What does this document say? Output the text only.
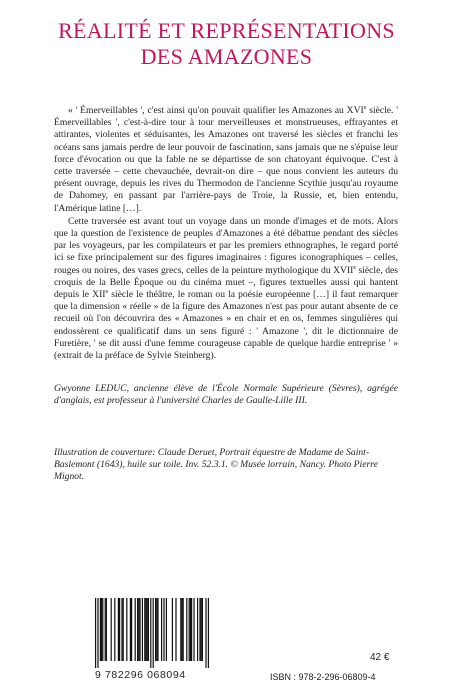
RÉALITÉ ET REPRÉSENTATIONS
DES AMAZONES

« ' Émerveillables ', c'est ainsi qu'on pouvait qualifier les Amazones au XVIe siècle. ' Émerveillables ', c'est-à-dire tour à tour merveilleuses et monstrueuses, effrayantes et attirantes, violentes et séduisantes, les Amazones ont traversé les siècles et franchi les océans sans jamais perdre de leur pouvoir de fascination, sans jamais que ne s'épuise leur force d'évocation ou que la fable ne se départisse de son chatoyant équivoque. C'est à cette traversée – cette chevauchée, devrait-on dire – que nous convient les auteurs du présent ouvrage, depuis les rives du Thermodon de l'ancienne Scythie jusqu'au royaume de Dahomey, en passant par l'arrière-pays de Troie, la Russie, et, bien entendu, l'Amérique latine […].

Cette traversée est avant tout un voyage dans un monde d'images et de mots. Alors que la question de l'existence de peuples d'Amazones a été débattue pendant des siècles par les voyageurs, par les compilateurs et par les premiers ethnographes, le regard porté ici se fixe principalement sur des figures imaginaires : figures iconographiques – celles, rouges ou noires, des vases grecs, celles de la peinture mythologique du XVIIe siècle, des croquis de la Belle Époque ou du cinéma muet –, figures textuelles aussi qui hantent depuis le XIIe siècle le théâtre, le roman ou la poésie européenne […] il faut remarquer que la dimension « réelle » de la figure des Amazones n'est pas pour autant absente de ce recueil où l'on découvrira des « Amazones » en chair et en os, femmes singulières qui endossèrent ce qualificatif dans un sens figuré : ' Amazone ', dit le dictionnaire de Furetière, ' se dit aussi d'une femme courageuse capable de quelque hardie entreprise ' » (extrait de la préface de Sylvie Steinberg).

Gwyonne LEDUC, ancienne élève de l'École Normale Supérieure (Sèvres), agrégée d'anglais, est professeur à l'université Charles de Gaulle-Lille III.
Illustration de couverture: Claude Deruet, Portrait équestre de Madame de Saint-Baslemont (1643), huile sur toile. Inv. 52.3.1. © Musée lorrain, Nancy. Photo Pierre Mignot.
9 782296 068094
42 €
ISBN : 978-2-296-06809-4
